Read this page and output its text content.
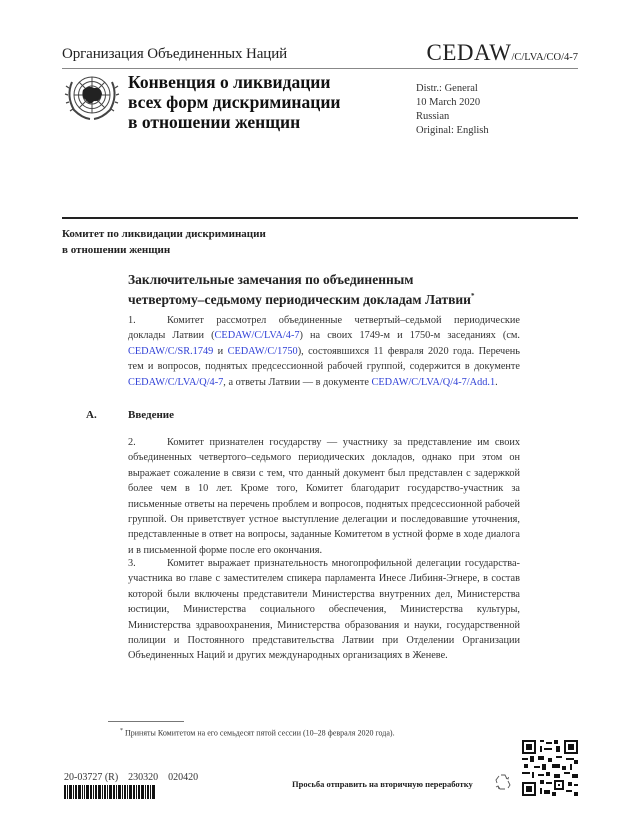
Организация Объединенных Наций	CEDAW/C/LVA/CO/4-7
Конвенция о ликвидации
всех форм дискриминации
в отношении женщин
Distr.: General
10 March 2020
Russian
Original: English
Комитет по ликвидации дискриминации
в отношении женщин
Заключительные замечания по объединенным
четвертому–седьмому периодическим докладам Латвии*
1.	Комитет рассмотрел объединенные четвертый–седьмой периодические доклады Латвии (CEDAW/C/LVA/4-7) на своих 1749-м и 1750-м заседаниях (см. CEDAW/C/SR.1749 и CEDAW/C/1750), состоявшихся 11 февраля 2020 года. Перечень тем и вопросов, поднятых предсессионной рабочей группой, содержится в документе CEDAW/C/LVA/Q/4-7, а ответы Латвии — в документе CEDAW/C/LVA/Q/4-7/Add.1.
A.	Введение
2.	Комитет признателен государству — участнику за представление им своих объединенных четвертого–седьмого периодических докладов, однако при этом он выражает сожаление в связи с тем, что данный документ был представлен с задержкой более чем в 10 лет. Кроме того, Комитет благодарит государство-участник за письменные ответы на перечень проблем и вопросов, поднятых предсессионной рабочей группой. Он приветствует устное выступление делегации и последовавшие уточнения, представленные в ответ на вопросы, заданные Комитетом в устной форме в ходе диалога и в письменной форме после его окончания.
3.	Комитет выражает признательность многопрофильной делегации государства-участника во главе с заместителем спикера парламента Инесе Либиня-Эгнере, в состав которой были включены представители Министерства внутренних дел, Министерства юстиции, Министерства социального обеспечения, Министерства культуры, Министерства здравоохранения, Министерства образования и науки, государственной полиции и Постоянного представительства Латвии при Отделении Организации Объединенных Наций и других международных организациях в Женеве.
* Приняты Комитетом на его семьдесят пятой сессии (10–28 февраля 2020 года).
20-03727 (R)    230320    020420
Просьба отправить на вторичную переработку
